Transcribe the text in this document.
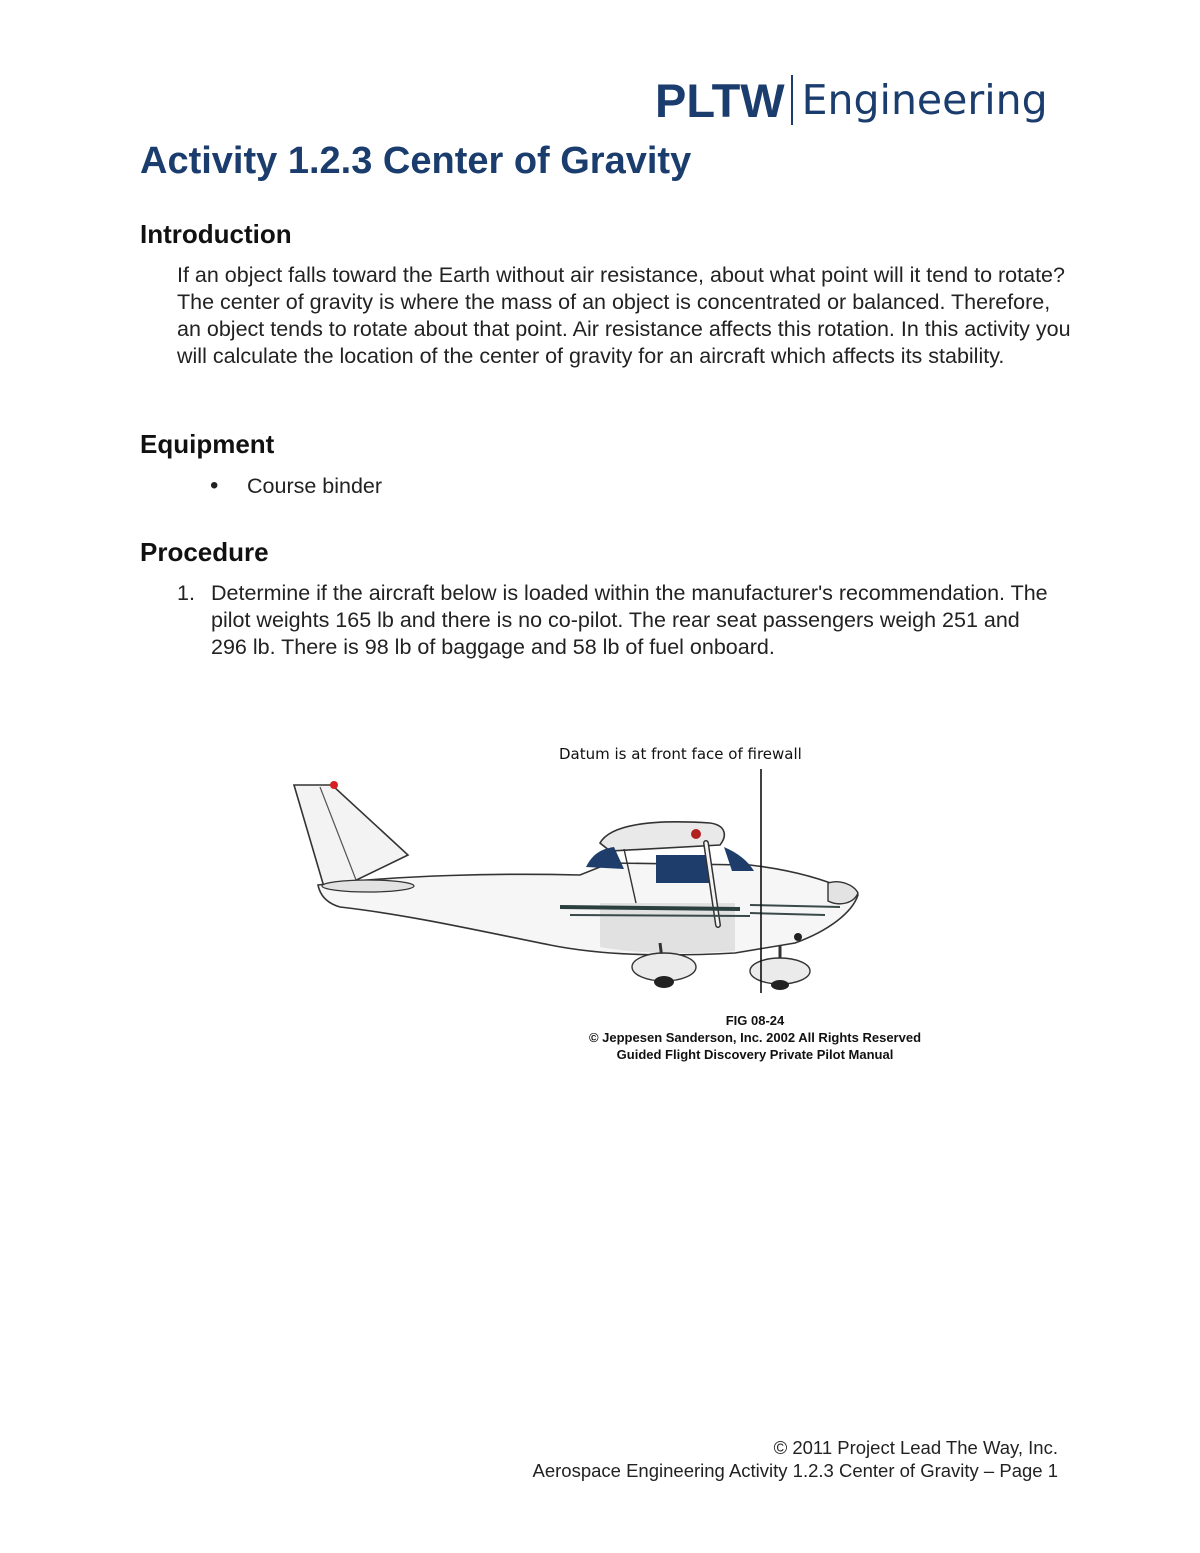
PLTW Engineering
Activity 1.2.3 Center of Gravity
Introduction

If an object falls toward the Earth without air resistance, about what point will it tend to rotate? The center of gravity is where the mass of an object is concentrated or balanced. Therefore, an object tends to rotate about that point. Air resistance affects this rotation. In this activity you will calculate the location of the center of gravity for an aircraft which affects its stability.

Equipment
• Course binder
Procedure
1. Determine if the aircraft below is loaded within the manufacturer's recommendation. The pilot weights 165 lb and there is no co-pilot. The rear seat passengers weigh 251 and 296 lb. There is 98 lb of baggage and 58 lb of fuel onboard.

Datum is at front face of firewall

FIG 08-24
© Jeppesen Sanderson, Inc. 2002 All Rights Reserved
Guided Flight Discovery Private Pilot Manual
© 2011 Project Lead The Way, Inc.
Aerospace Engineering Activity 1.2.3 Center of Gravity – Page 1
